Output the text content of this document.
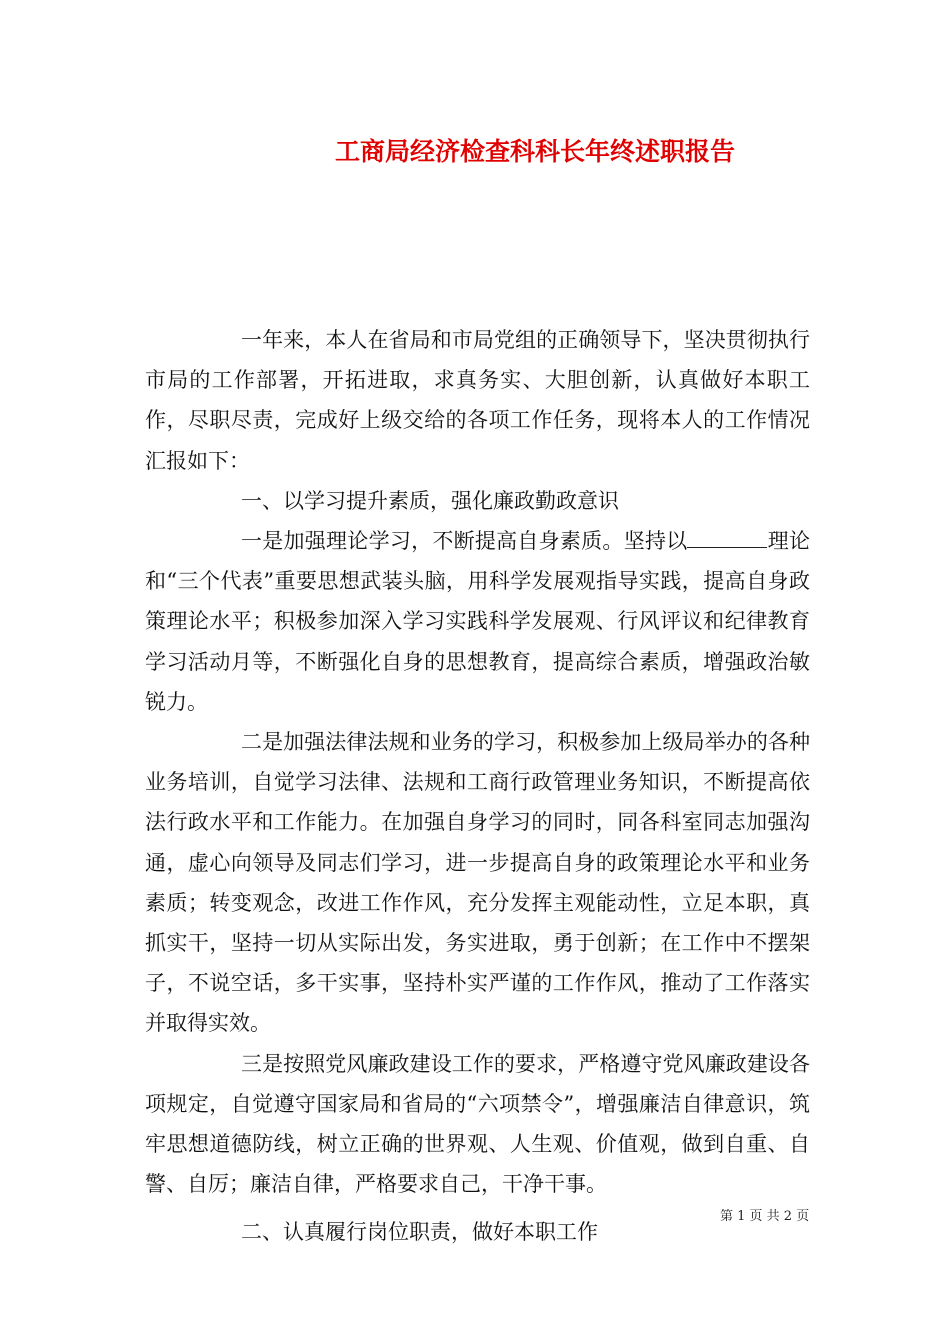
工商局经济检查科科长年终述职报告

一年来，本人在省局和市局党组的正确领导下，坚决贯彻执行市局的工作部署，开拓进取，求真务实、大胆创新，认真做好本职工作，尽职尽责，完成好上级交给的各项工作任务，现将本人的工作情况汇报如下：

一、以学习提升素质，强化廉政勤政意识

一是加强理论学习，不断提高自身素质。坚持以	理论和“三个代表”重要思想武装头脑，用科学发展观指导实践，提高自身政策理论水平；积极参加深入学习实践科学发展观、行风评议和纪律教育学习活动月等，不断强化自身的思想教育，提高综合素质，增强政治敏锐力。

二是加强法律法规和业务的学习，积极参加上级局举办的各种业务培训，自觉学习法律、法规和工商行政管理业务知识，不断提高依法行政水平和工作能力。在加强自身学习的同时，同各科室同志加强沟通，虚心向领导及同志们学习，进一步提高自身的政策理论水平和业务素质；转变观念，改进工作作风，充分发挥主观能动性，立足本职，真抓实干，坚持一切从实际出发，务实进取，勇于创新；在工作中不摆架子，不说空话，多干实事，坚持朴实严谨的工作作风，推动了工作落实并取得实效。

三是按照党风廉政建设工作的要求，严格遵守党风廉政建设各项规定，自觉遵守国家局和省局的“六项禁令”，增强廉洁自律意识，筑牢思想道德防线，树立正确的世界观、人生观、价值观，做到自重、自警、自厉；廉洁自律，严格要求自己，干净干事。

二、认真履行岗位职责，做好本职工作

第 1 页 共 2 页
